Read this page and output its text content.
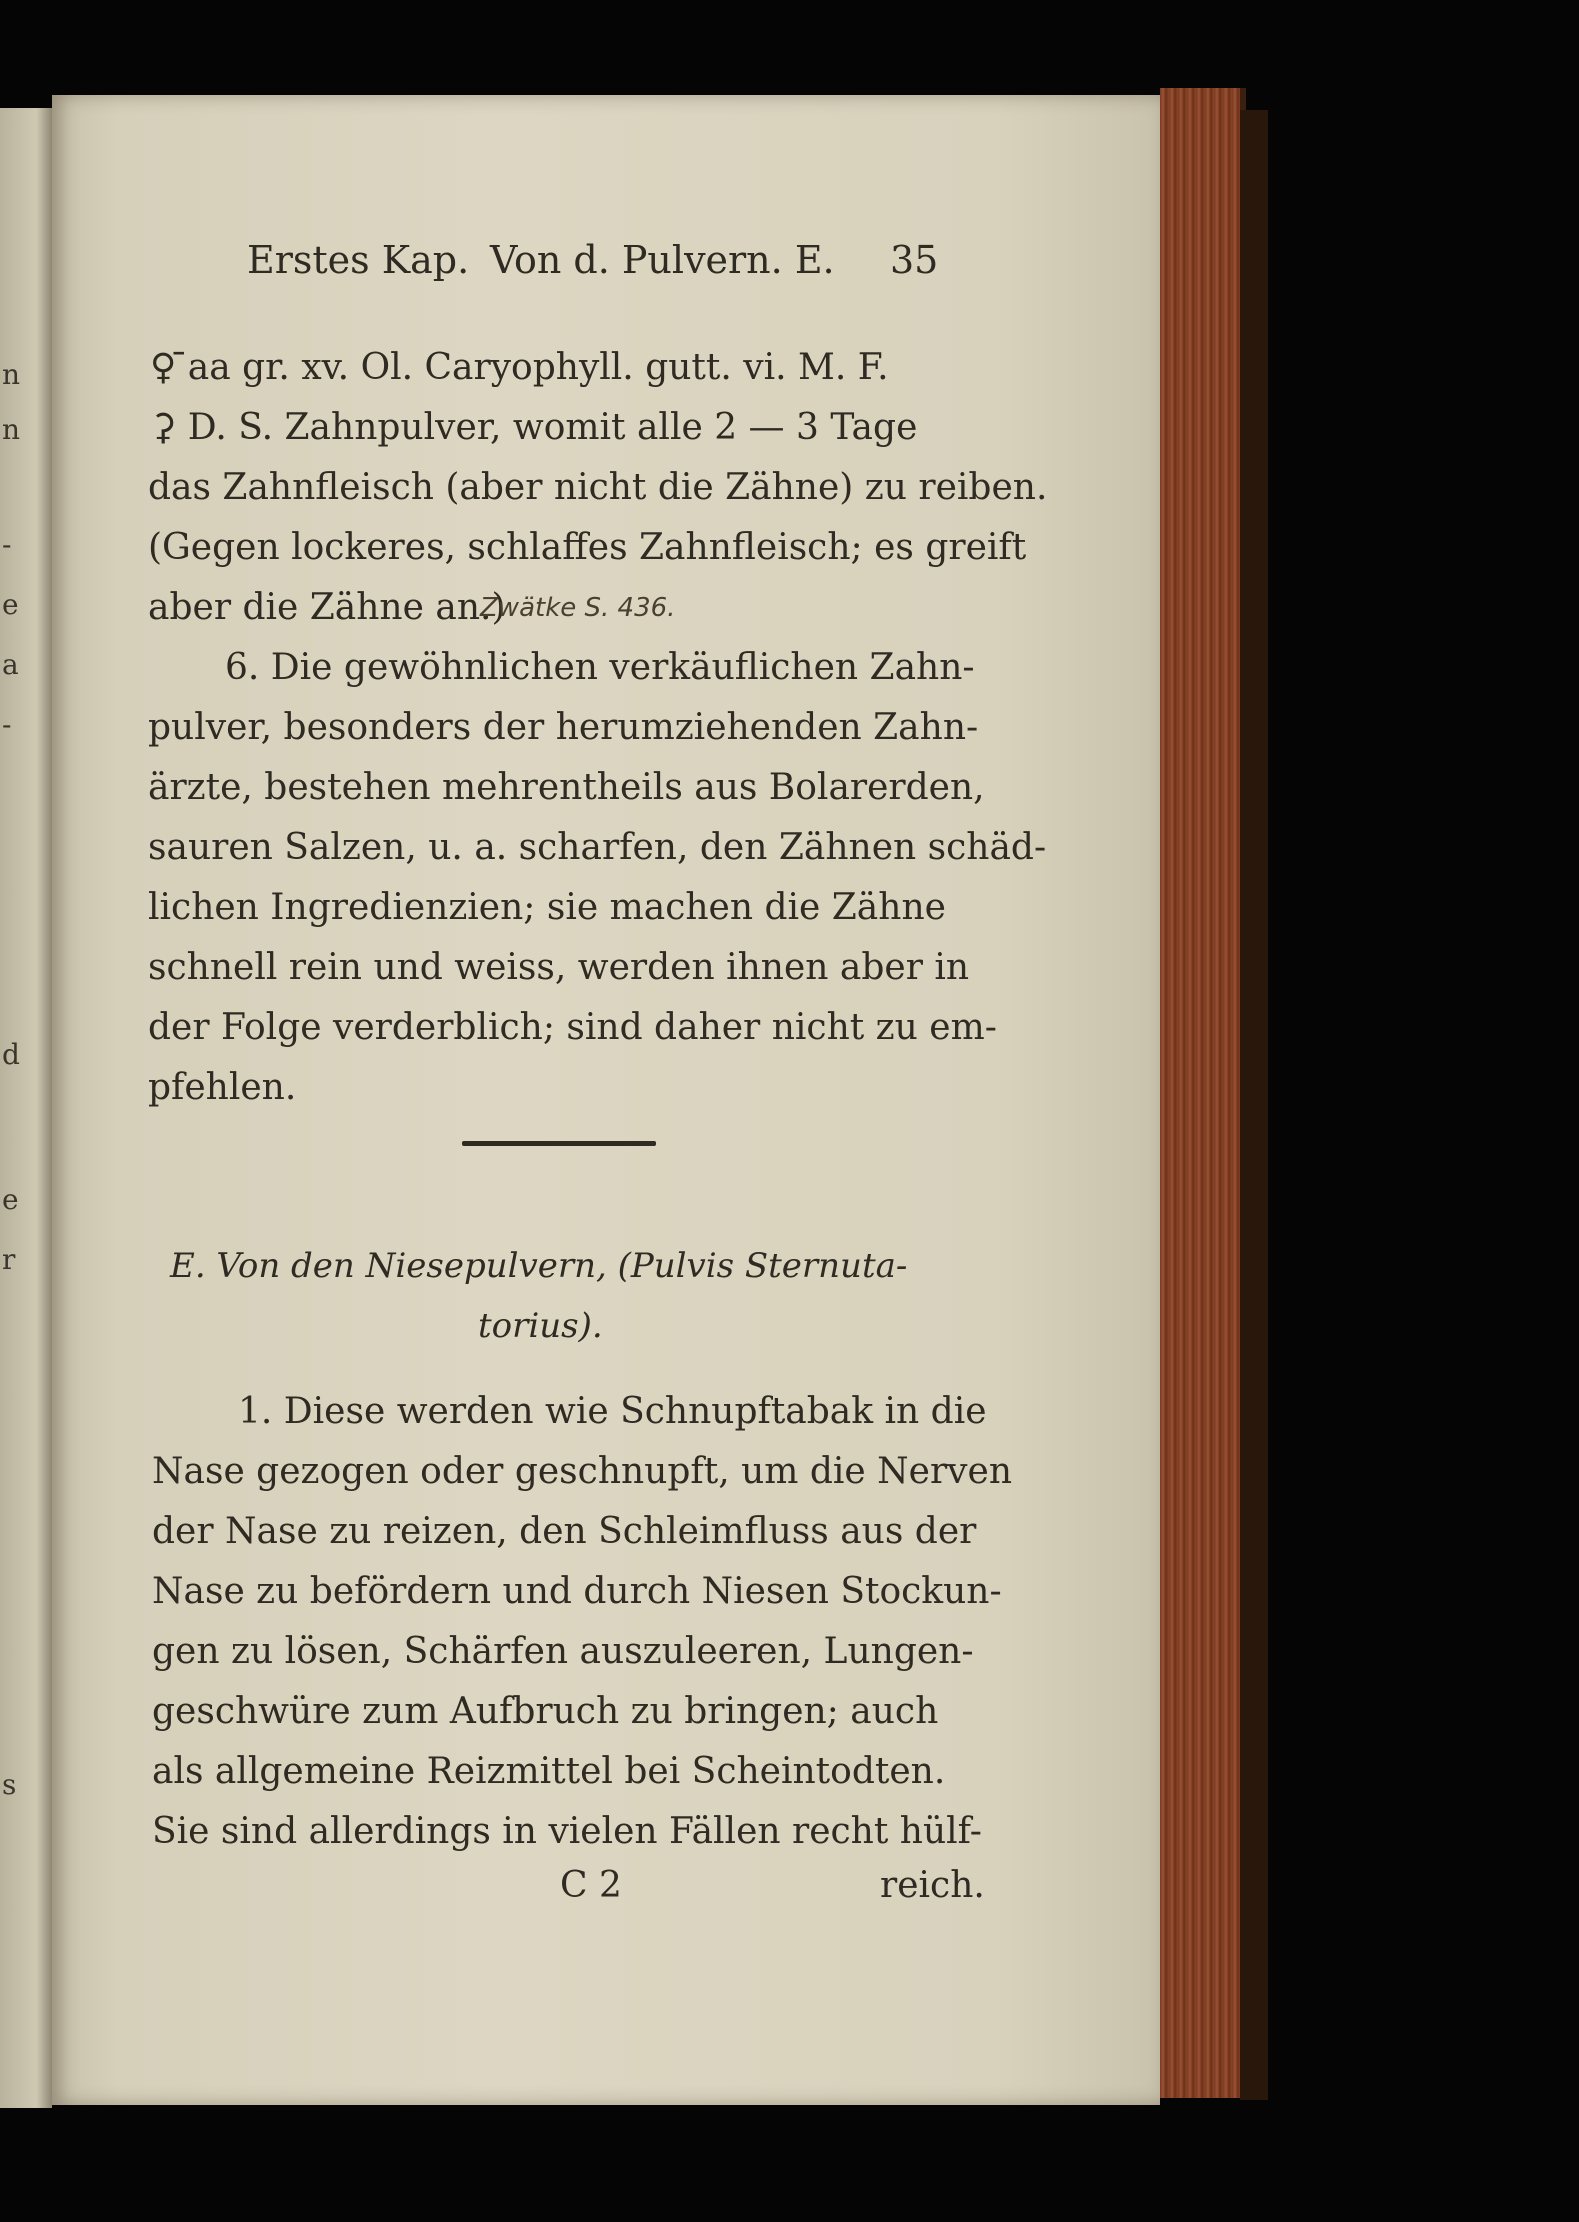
n
n
-
e
a
-
d
e
r
s

Erstes Kap. Von d. Pulvern. E. 35

♀ ̄aa gr. xv. Ol. Caryophyll. gutt. vi. M. F.

⚳ D. S. Zahnpulver, womit alle 2 — 3 Tage

das Zahnfleisch (aber nicht die Zähne) zu reiben.

(Gegen lockeres, schlaffes Zahnfleisch; es greift

aber die Zähne an.)

Zwätke S. 436.

6. Die gewöhnlichen verkäuflichen Zahn-

pulver, besonders der herumziehenden Zahn-

ärzte, bestehen mehrentheils aus Bolarerden,

sauren Salzen, u. a. scharfen, den Zähnen schäd-

lichen Ingredienzien; sie machen die Zähne

schnell rein und weiss, werden ihnen aber in

der Folge verderblich; sind daher nicht zu em-

pfehlen.

E. Von den Niesepulvern, (Pulvis Sternuta-

torius).

1. Diese werden wie Schnupftabak in die

Nase gezogen oder geschnupft, um die Nerven

der Nase zu reizen, den Schleimfluss aus der

Nase zu befördern und durch Niesen Stockun-

gen zu lösen, Schärfen auszuleeren, Lungen-

geschwüre zum Aufbruch zu bringen; auch

als allgemeine Reizmittel bei Scheintodten.

Sie sind allerdings in vielen Fällen recht hülf-

C 2	reich.
